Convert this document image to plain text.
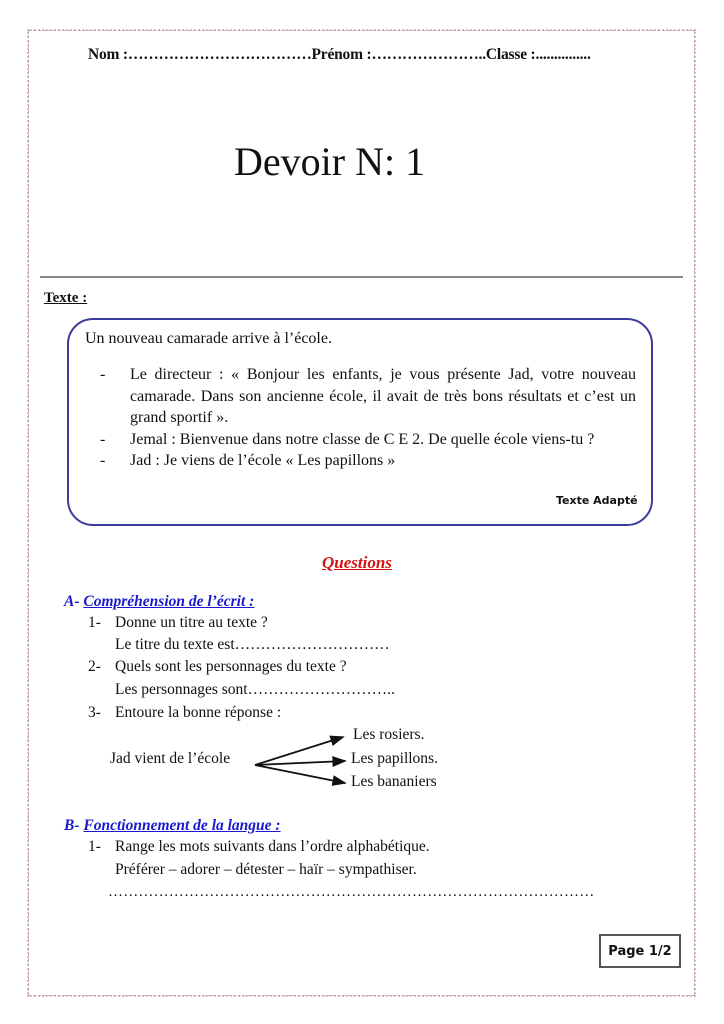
Nom :………………………………Prénom :…………………..Classe :...............
Devoir N: 1
Texte :
Un nouveau camarade arrive à l’école.
-	Le directeur : « Bonjour les enfants, je vous présente Jad, votre nouveau camarade. Dans son ancienne école, il avait de très bons résultats et c’est un grand sportif ».
-	Jemal : Bienvenue dans notre classe de C E 2. De quelle école viens-tu ?
-	Jad : Je viens de l’école « Les papillons »
Texte Adapté
Questions
A- Compréhension de l’écrit :
1- Donne un titre au texte ?
Le titre du texte est…………………………
2- Quels sont les personnages du texte ?
Les personnages sont………………………..
3- Entoure la bonne réponse :
Jad vient de l’école
Les rosiers.
Les papillons.
Les bananiers
B- Fonctionnement de la langue :
1- Range les mots suivants dans l’ordre alphabétique.
Préférer – adorer – détester – haïr – sympathiser.
……………………………………………………………………………………
Page 1/2
